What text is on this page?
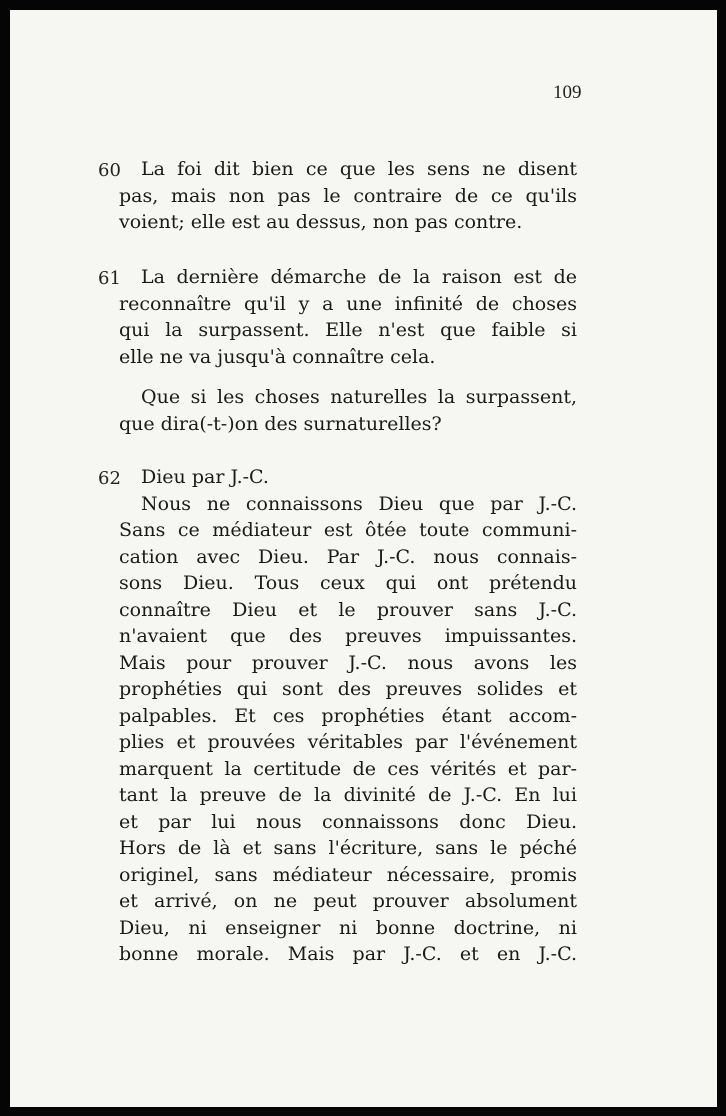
109
60 La foi dit bien ce que les sens ne disent
pas, mais non pas le contraire de ce qu'ils
voient; elle est au dessus, non pas contre.
61 La dernière démarche de la raison est de
reconnaître qu'il y a une infinité de choses
qui la surpassent. Elle n'est que faible si
elle ne va jusqu'à connaître cela.
Que si les choses naturelles la surpassent,
que dira(-t-)on des surnaturelles?
62 Dieu par J.-C.
Nous ne connaissons Dieu que par J.-C.
Sans ce médiateur est ôtée toute communi-
cation avec Dieu. Par J.-C. nous connais-
sons Dieu. Tous ceux qui ont prétendu
connaître Dieu et le prouver sans J.-C.
n'avaient que des preuves impuissantes.
Mais pour prouver J.-C. nous avons les
prophéties qui sont des preuves solides et
palpables. Et ces prophéties étant accom-
plies et prouvées véritables par l'événement
marquent la certitude de ces vérités et par-
tant la preuve de la divinité de J.-C. En lui
et par lui nous connaissons donc Dieu.
Hors de là et sans l'écriture, sans le péché
originel, sans médiateur nécessaire, promis
et arrivé, on ne peut prouver absolument
Dieu, ni enseigner ni bonne doctrine, ni
bonne morale. Mais par J.-C. et en J.-C.
